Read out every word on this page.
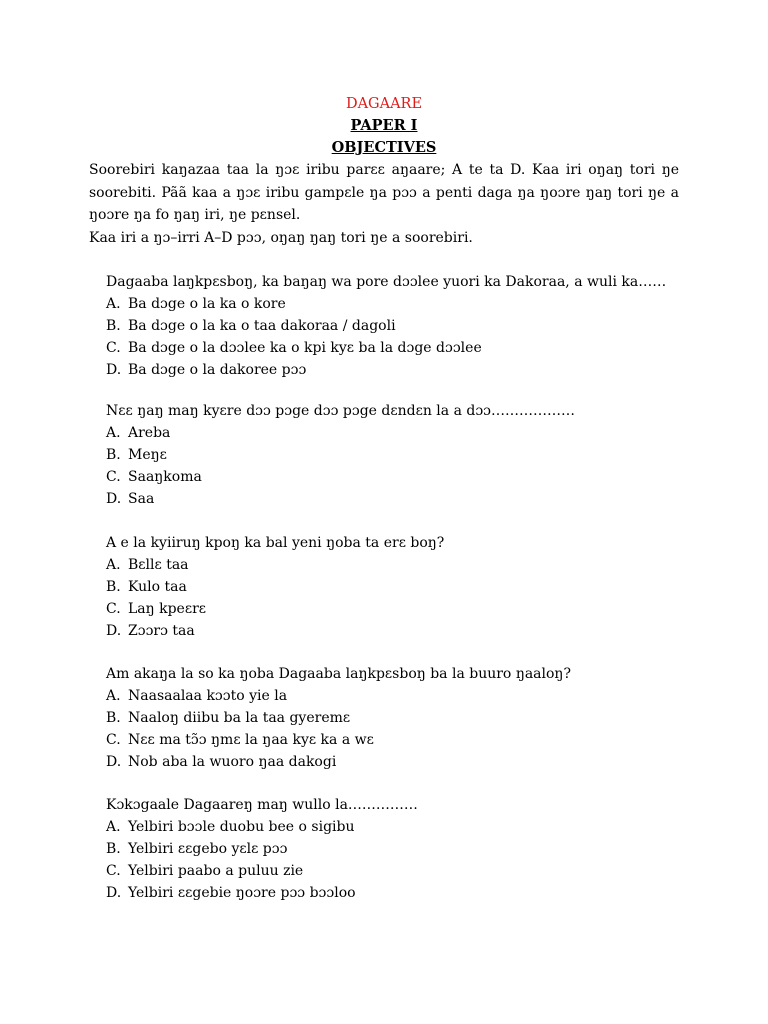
DAGAARE
PAPER I
OBJECTIVES
Soorebiri kaŋazaa taa la ŋɔɛ iribu parɛɛ aŋaare; A te ta D. Kaa iri oŋaŋ tori ŋe soorebiti. Pãã kaa a ŋɔɛ iribu gampɛle ŋa pɔɔ a penti daga ŋa ŋoɔre ŋaŋ tori ŋe a ŋoɔre ŋa fo ŋaŋ iri, ŋe pɛnsel.
Kaa iri a ŋɔ–irri A–D pɔɔ, oŋaŋ ŋaŋ tori ŋe a soorebiri.
Dagaaba laŋkpɛsboŋ, ka baŋaŋ wa pore dɔɔlee yuori ka Dakoraa, a wuli ka……
A. Ba dɔge o la ka o kore
B. Ba dɔge o la ka o taa dakoraa / dagoli
C. Ba dɔge o la dɔɔlee ka o kpi kyɛ ba la dɔge dɔɔlee
D. Ba dɔge o la dakoree pɔɔ
Nɛɛ ŋaŋ maŋ kyɛre dɔɔ pɔge dɔɔ pɔge dɛndɛn la a dɔɔ………………
A. Areba
B. Meŋɛ
C. Saaŋkoma
D. Saa
A e la kyiiruŋ kpoŋ ka bal yeni ŋoba ta erɛ boŋ?
A. Bɛllɛ taa
B. Kulo taa
C. Laŋ kpeɛrɛ
D. Zɔɔrɔ taa
Am akaŋa la so ka ŋoba Dagaaba laŋkpɛsboŋ ba la buuro ŋaaloŋ?
A. Naasaalaa kɔɔto yie la
B. Naaloŋ diibu ba la taa gyeremɛ
C. Nɛɛ ma tɔ̃ɔ ŋmɛ la ŋaa kyɛ ka a wɛ
D. Nob aba la wuoro ŋaa dakogi
Kɔkɔgaale Dagaareŋ maŋ wullo la……………
A. Yelbiri bɔɔle duobu bee o sigibu
B. Yelbiri ɛɛgebo yɛlɛ pɔɔ
C. Yelbiri paabo a puluu zie
D. Yelbiri ɛɛgebie ŋoɔre pɔɔ bɔɔloo
